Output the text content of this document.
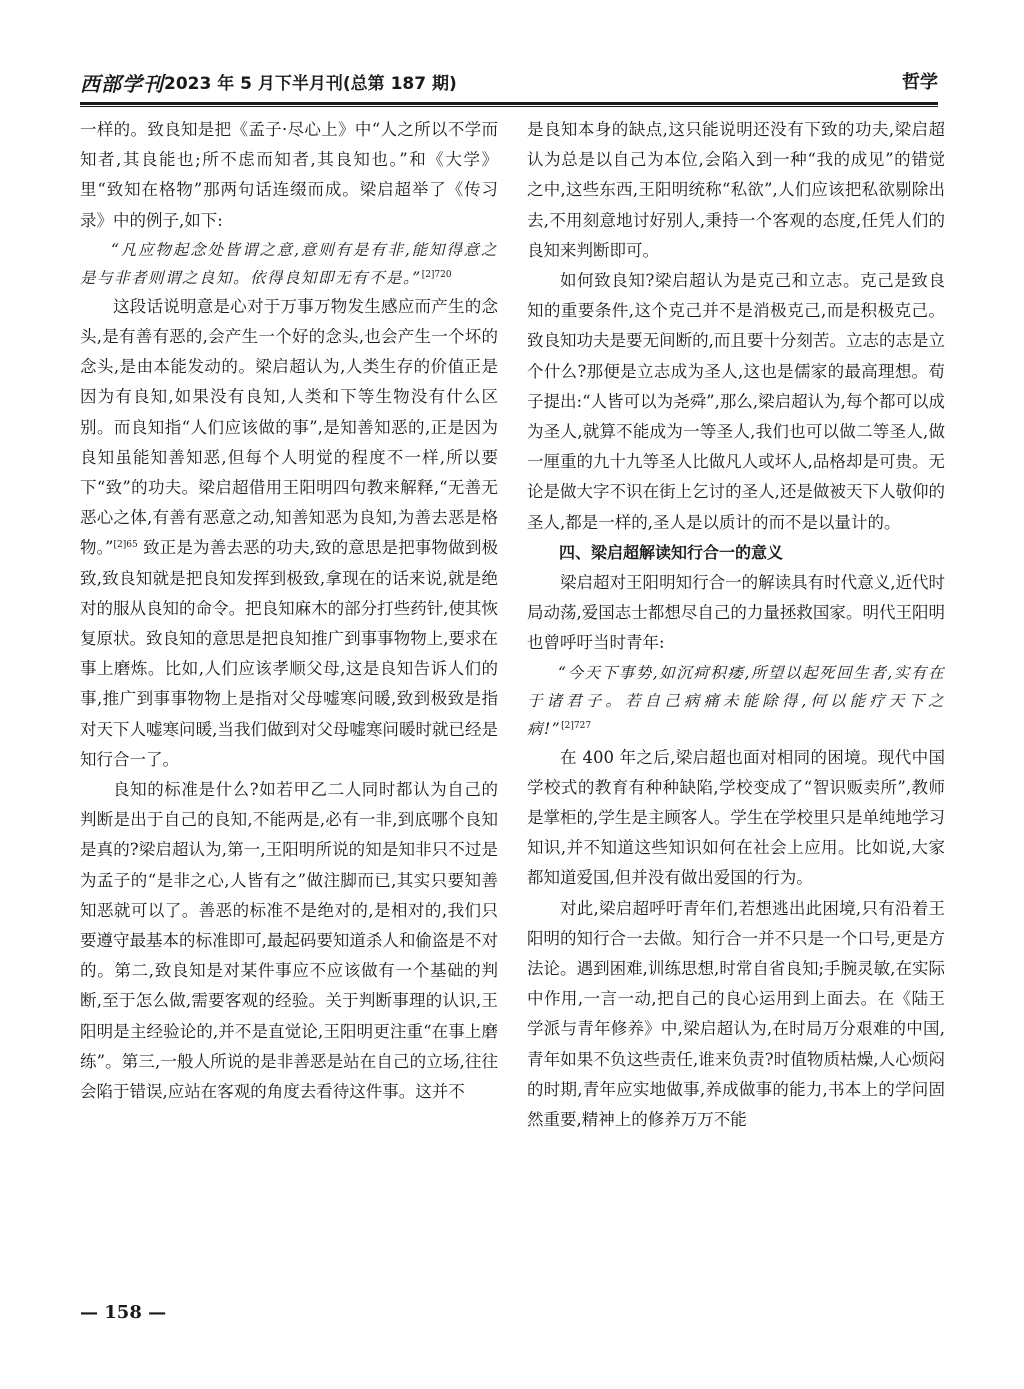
西部学刊 2023 年 5 月下半月刊(总第 187 期)	哲学

一样的。致良知是把《孟子·尽心上》中“人之所以不学而知者,其良能也;所不虑而知者,其良知也。”和《大学》里“致知在格物”那两句话连缀而成。梁启超举了《传习录》中的例子,如下:

“凡应物起念处皆谓之意,意则有是有非,能知得意之是与非者则谓之良知。依得良知即无有不是。”$^{[2]720}$

这段话说明意是心对于万事万物发生感应而产生的念头,是有善有恶的,会产生一个好的念头,也会产生一个坏的念头,是由本能发动的。梁启超认为,人类生存的价值正是因为有良知,如果没有良知,人类和下等生物没有什么区别。而良知指“人们应该做的事”,是知善知恶的,正是因为良知虽能知善知恶,但每个人明觉的程度不一样,所以要下“致”的功夫。梁启超借用王阳明四句教来解释,“无善无恶心之体,有善有恶意之动,知善知恶为良知,为善去恶是格物。”$^{[2]65}$ 致正是为善去恶的功夫,致的意思是把事物做到极致,致良知就是把良知发挥到极致,拿现在的话来说,就是绝对的服从良知的命令。把良知麻木的部分打些药针,使其恢复原状。致良知的意思是把良知推广到事事物物上,要求在事上磨炼。比如,人们应该孝顺父母,这是良知告诉人们的事,推广到事事物物上是指对父母嘘寒问暖,致到极致是指对天下人嘘寒问暖,当我们做到对父母嘘寒问暖时就已经是知行合一了。

良知的标准是什么?如若甲乙二人同时都认为自己的判断是出于自己的良知,不能两是,必有一非,到底哪个良知是真的?梁启超认为,第一,王阳明所说的知是知非只不过是为孟子的“是非之心,人皆有之”做注脚而已,其实只要知善知恶就可以了。善恶的标准不是绝对的,是相对的,我们只要遵守最基本的标准即可,最起码要知道杀人和偷盗是不对的。第二,致良知是对某件事应不应该做有一个基础的判断,至于怎么做,需要客观的经验。关于判断事理的认识,王阳明是主经验论的,并不是直觉论,王阳明更注重“在事上磨练”。第三,一般人所说的是非善恶是站在自己的立场,往往会陷于错误,应站在客观的角度去看待这件事。这并不

是良知本身的缺点,这只能说明还没有下致的功夫,梁启超认为总是以自己为本位,会陷入到一种“我的成见”的错觉之中,这些东西,王阳明统称“私欲”,人们应该把私欲剔除出去,不用刻意地讨好别人,秉持一个客观的态度,任凭人们的良知来判断即可。

如何致良知?梁启超认为是克己和立志。克己是致良知的重要条件,这个克己并不是消极克己,而是积极克己。致良知功夫是要无间断的,而且要十分刻苦。立志的志是立个什么?那便是立志成为圣人,这也是儒家的最高理想。荀子提出:“人皆可以为尧舜”,那么,梁启超认为,每个都可以成为圣人,就算不能成为一等圣人,我们也可以做二等圣人,做一厘重的九十九等圣人比做凡人或坏人,品格却是可贵。无论是做大字不识在街上乞讨的圣人,还是做被天下人敬仰的圣人,都是一样的,圣人是以质计的而不是以量计的。

四、梁启超解读知行合一的意义

梁启超对王阳明知行合一的解读具有时代意义,近代时局动荡,爱国志士都想尽自己的力量拯救国家。明代王阳明也曾呼吁当时青年:

“今天下事势,如沉疴积痿,所望以起死回生者,实有在于诸君子。若自己病痛未能除得,何以能疗天下之病!”$^{[2]727}$

在 400 年之后,梁启超也面对相同的困境。现代中国学校式的教育有种种缺陷,学校变成了“智识贩卖所”,教师是掌柜的,学生是主顾客人。学生在学校里只是单纯地学习知识,并不知道这些知识如何在社会上应用。比如说,大家都知道爱国,但并没有做出爱国的行为。

对此,梁启超呼吁青年们,若想逃出此困境,只有沿着王阳明的知行合一去做。知行合一并不只是一个口号,更是方法论。遇到困难,训练思想,时常自省良知;手腕灵敏,在实际中作用,一言一动,把自己的良心运用到上面去。在《陆王学派与青年修养》中,梁启超认为,在时局万分艰难的中国,青年如果不负这些责任,谁来负责?时值物质枯燥,人心烦闷的时期,青年应实地做事,养成做事的能力,书本上的学问固然重要,精神上的修养万万不能

— 158 —
